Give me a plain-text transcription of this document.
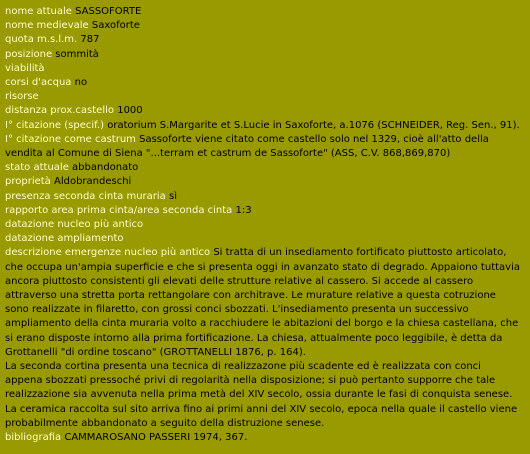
nome attuale SASSOFORTE
nome medievale Saxoforte
quota m.s.l.m. 787
posizione sommità
viabilità
corsi d'acqua no
risorse
distanza prox.castello 1000
I° citazione (specif.) oratorium S.Margarite et S.Lucie in Saxoforte, a.1076 (SCHNEIDER, Reg. Sen., 91).
I° citazione come castrum Sassoforte viene citato come castello solo nel 1329, cioè all'atto della vendita al Comune di Siena "...terram et castrum de Sassoforte" (ASS, C.V. 868,869,870)
stato attuale abbandonato
proprietà Aldobrandeschi
presenza seconda cinta muraria sì
rapporto area prima cinta/area seconda cinta 1:3
datazione nucleo più antico
datazione ampliamento
descrizione emergenze nucleo più antico Si tratta di un insediamento fortificato piuttosto articolato, che occupa un'ampia superficie e che si presenta oggi in avanzato stato di degrado. Appaiono tuttavia ancora piuttosto consistenti gli elevati delle strutture relative al cassero. Si accede al cassero attraverso una stretta porta rettangolare con architrave. Le murature relative a questa cotruzione sono realizzate in filaretto, con grossi conci sbozzati. L'insediamento presenta un successivo ampliamento della cinta muraria volto a racchiudere le abitazioni del borgo e la chiesa castellana, che si erano disposte intorno alla prima fortificazione. La chiesa, attualmente poco leggibile, è detta da Grottanelli "di ordine toscano" (GROTTANELLI 1876, p. 164).

La seconda cortina presenta una tecnica di realizzazone più scadente ed è realizzata con conci appena sbozzati pressoché privi di regolarità nella disposizione; si può pertanto supporre che tale realizzazione sia avvenuta nella prima metà del XIV secolo, ossia durante le fasi di conquista senese.

La ceramica raccolta sul sito arriva fino ai primi anni del XIV secolo, epoca nella quale il castello viene probabilmente abbandonato a seguito della distruzione senese.

bibliografia CAMMAROSANO PASSERI 1974, 367.
